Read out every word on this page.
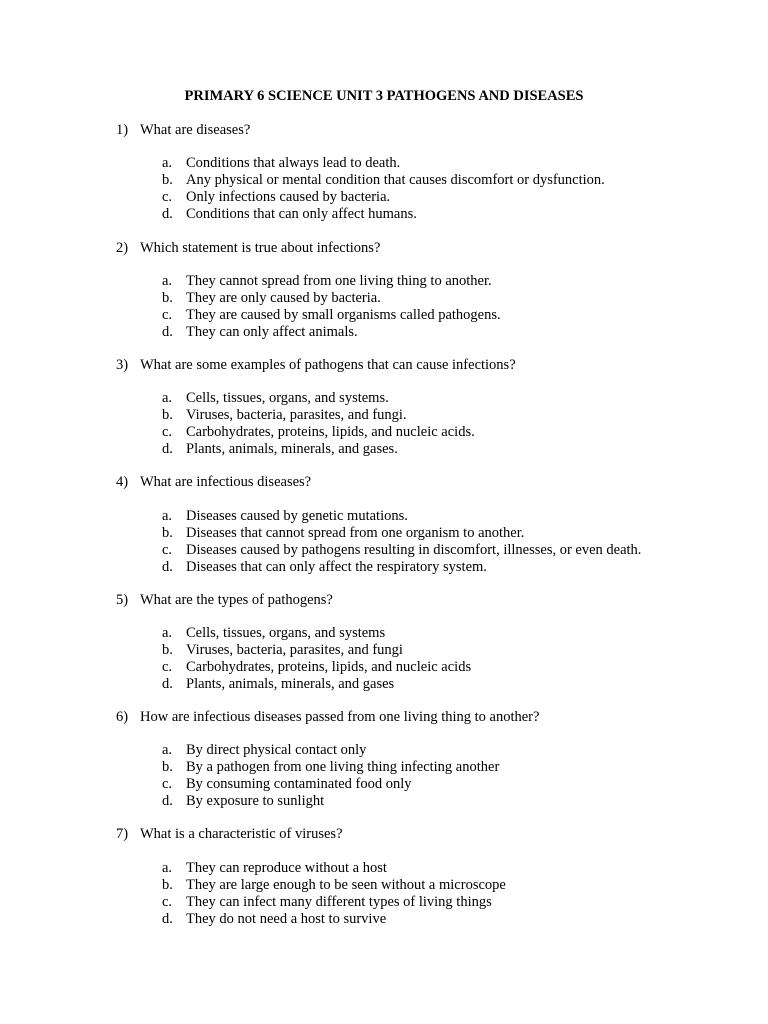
PRIMARY 6 SCIENCE UNIT 3 PATHOGENS AND DISEASES
1) What are diseases?
a. Conditions that always lead to death.
b. Any physical or mental condition that causes discomfort or dysfunction.
c. Only infections caused by bacteria.
d. Conditions that can only affect humans.
2) Which statement is true about infections?
a. They cannot spread from one living thing to another.
b. They are only caused by bacteria.
c. They are caused by small organisms called pathogens.
d. They can only affect animals.
3) What are some examples of pathogens that can cause infections?
a. Cells, tissues, organs, and systems.
b. Viruses, bacteria, parasites, and fungi.
c. Carbohydrates, proteins, lipids, and nucleic acids.
d. Plants, animals, minerals, and gases.
4) What are infectious diseases?
a. Diseases caused by genetic mutations.
b. Diseases that cannot spread from one organism to another.
c. Diseases caused by pathogens resulting in discomfort, illnesses, or even death.
d. Diseases that can only affect the respiratory system.
5) What are the types of pathogens?
a. Cells, tissues, organs, and systems
b. Viruses, bacteria, parasites, and fungi
c. Carbohydrates, proteins, lipids, and nucleic acids
d. Plants, animals, minerals, and gases
6) How are infectious diseases passed from one living thing to another?
a. By direct physical contact only
b. By a pathogen from one living thing infecting another
c. By consuming contaminated food only
d. By exposure to sunlight
7) What is a characteristic of viruses?
a. They can reproduce without a host
b. They are large enough to be seen without a microscope
c. They can infect many different types of living things
d. They do not need a host to survive
